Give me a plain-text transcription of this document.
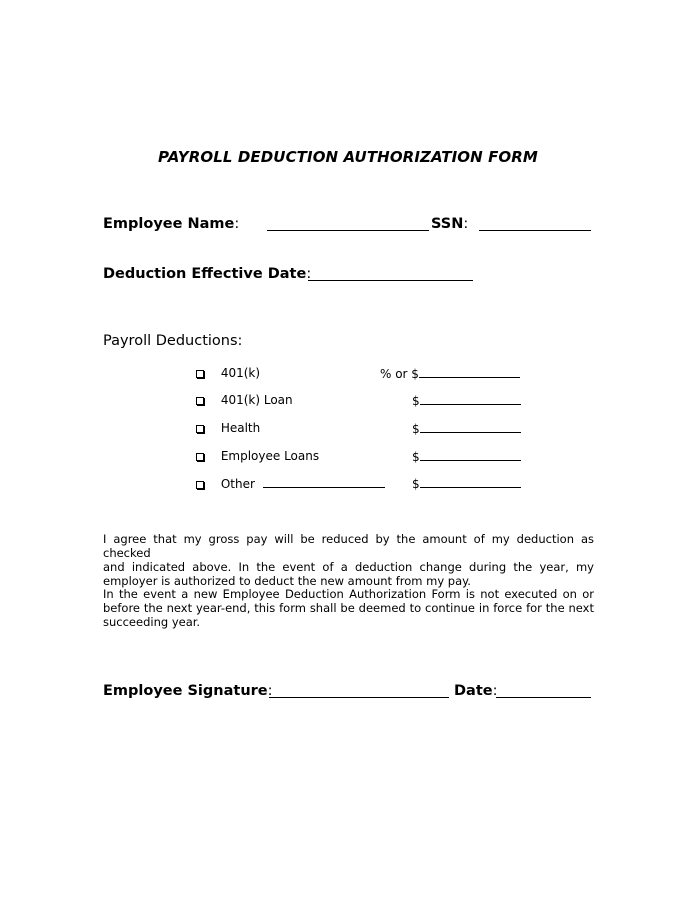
PAYROLL DEDUCTION AUTHORIZATION FORM
Employee Name:	SSN:
Deduction Effective Date:
Payroll Deductions:
401(k)	% or $
401(k) Loan	$
Health	$
Employee Loans	$
Other	$
I agree that my gross pay will be reduced by the amount of my deduction as checked
and indicated above. In the event of a deduction change during the year, my
employer is authorized to deduct the new amount from my pay.
In the event a new Employee Deduction Authorization Form is not executed on or
before the next year-end, this form shall be deemed to continue in force for the next
succeeding year.
Employee Signature:	Date:
